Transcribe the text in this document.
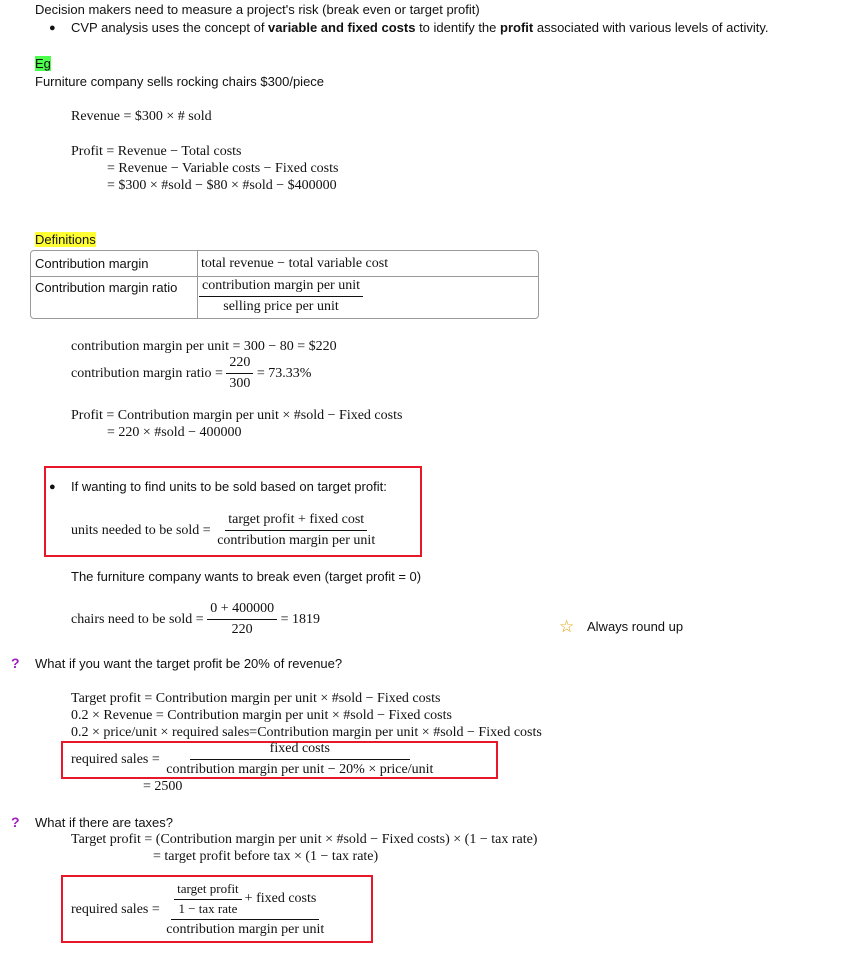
Decision makers need to measure a project's risk (break even or target profit)
● CVP analysis uses the concept of variable and fixed costs to identify the profit associated with various levels of activity.
Eg
Furniture company sells rocking chairs $300/piece
Revenue = $300 × # sold
Profit = Revenue − Total costs
= Revenue − Variable costs − Fixed costs
= $300 × #sold − $80 × #sold − $400000
Definitions
Contribution margin	total revenue − total variable cost
Contribution margin ratio $\frac{\text{contribution margin per unit}}{\text{selling price per unit}}$
contribution margin per unit = 300 − 80 = $220
contribution margin ratio = $\frac{220}{300} = 73.33\%$
Profit = Contribution margin per unit × #sold − Fixed costs
= 220 × #sold − 400000
● If wanting to find units to be sold based on target profit:
units needed to be sold = $\frac{\text{target profit + fixed cost}}{\text{contribution margin per unit}}$
The furniture company wants to break even (target profit = 0)
chairs need to be sold = $\frac{0 + 400000}{220} = 1819$	☆ Always round up
? What if you want the target profit be 20% of revenue?
Target profit = Contribution margin per unit × #sold − Fixed costs
0.2 × Revenue = Contribution margin per unit × #sold − Fixed costs
0.2 × price/unit × required sales=Contribution margin per unit × #sold − Fixed costs
required sales = $\frac{\text{fixed costs}}{\text{contribution margin per unit − 20\% × price/unit}}$
= 2500
? What if there are taxes?
Target profit = (Contribution margin per unit × #sold − Fixed costs) × (1 − tax rate)
= target profit before tax × (1 − tax rate)
required sales = $\frac{\frac{\text{target profit}}{\text{1 − tax rate}} + fixed costs}{\text{contribution margin per unit}}$
